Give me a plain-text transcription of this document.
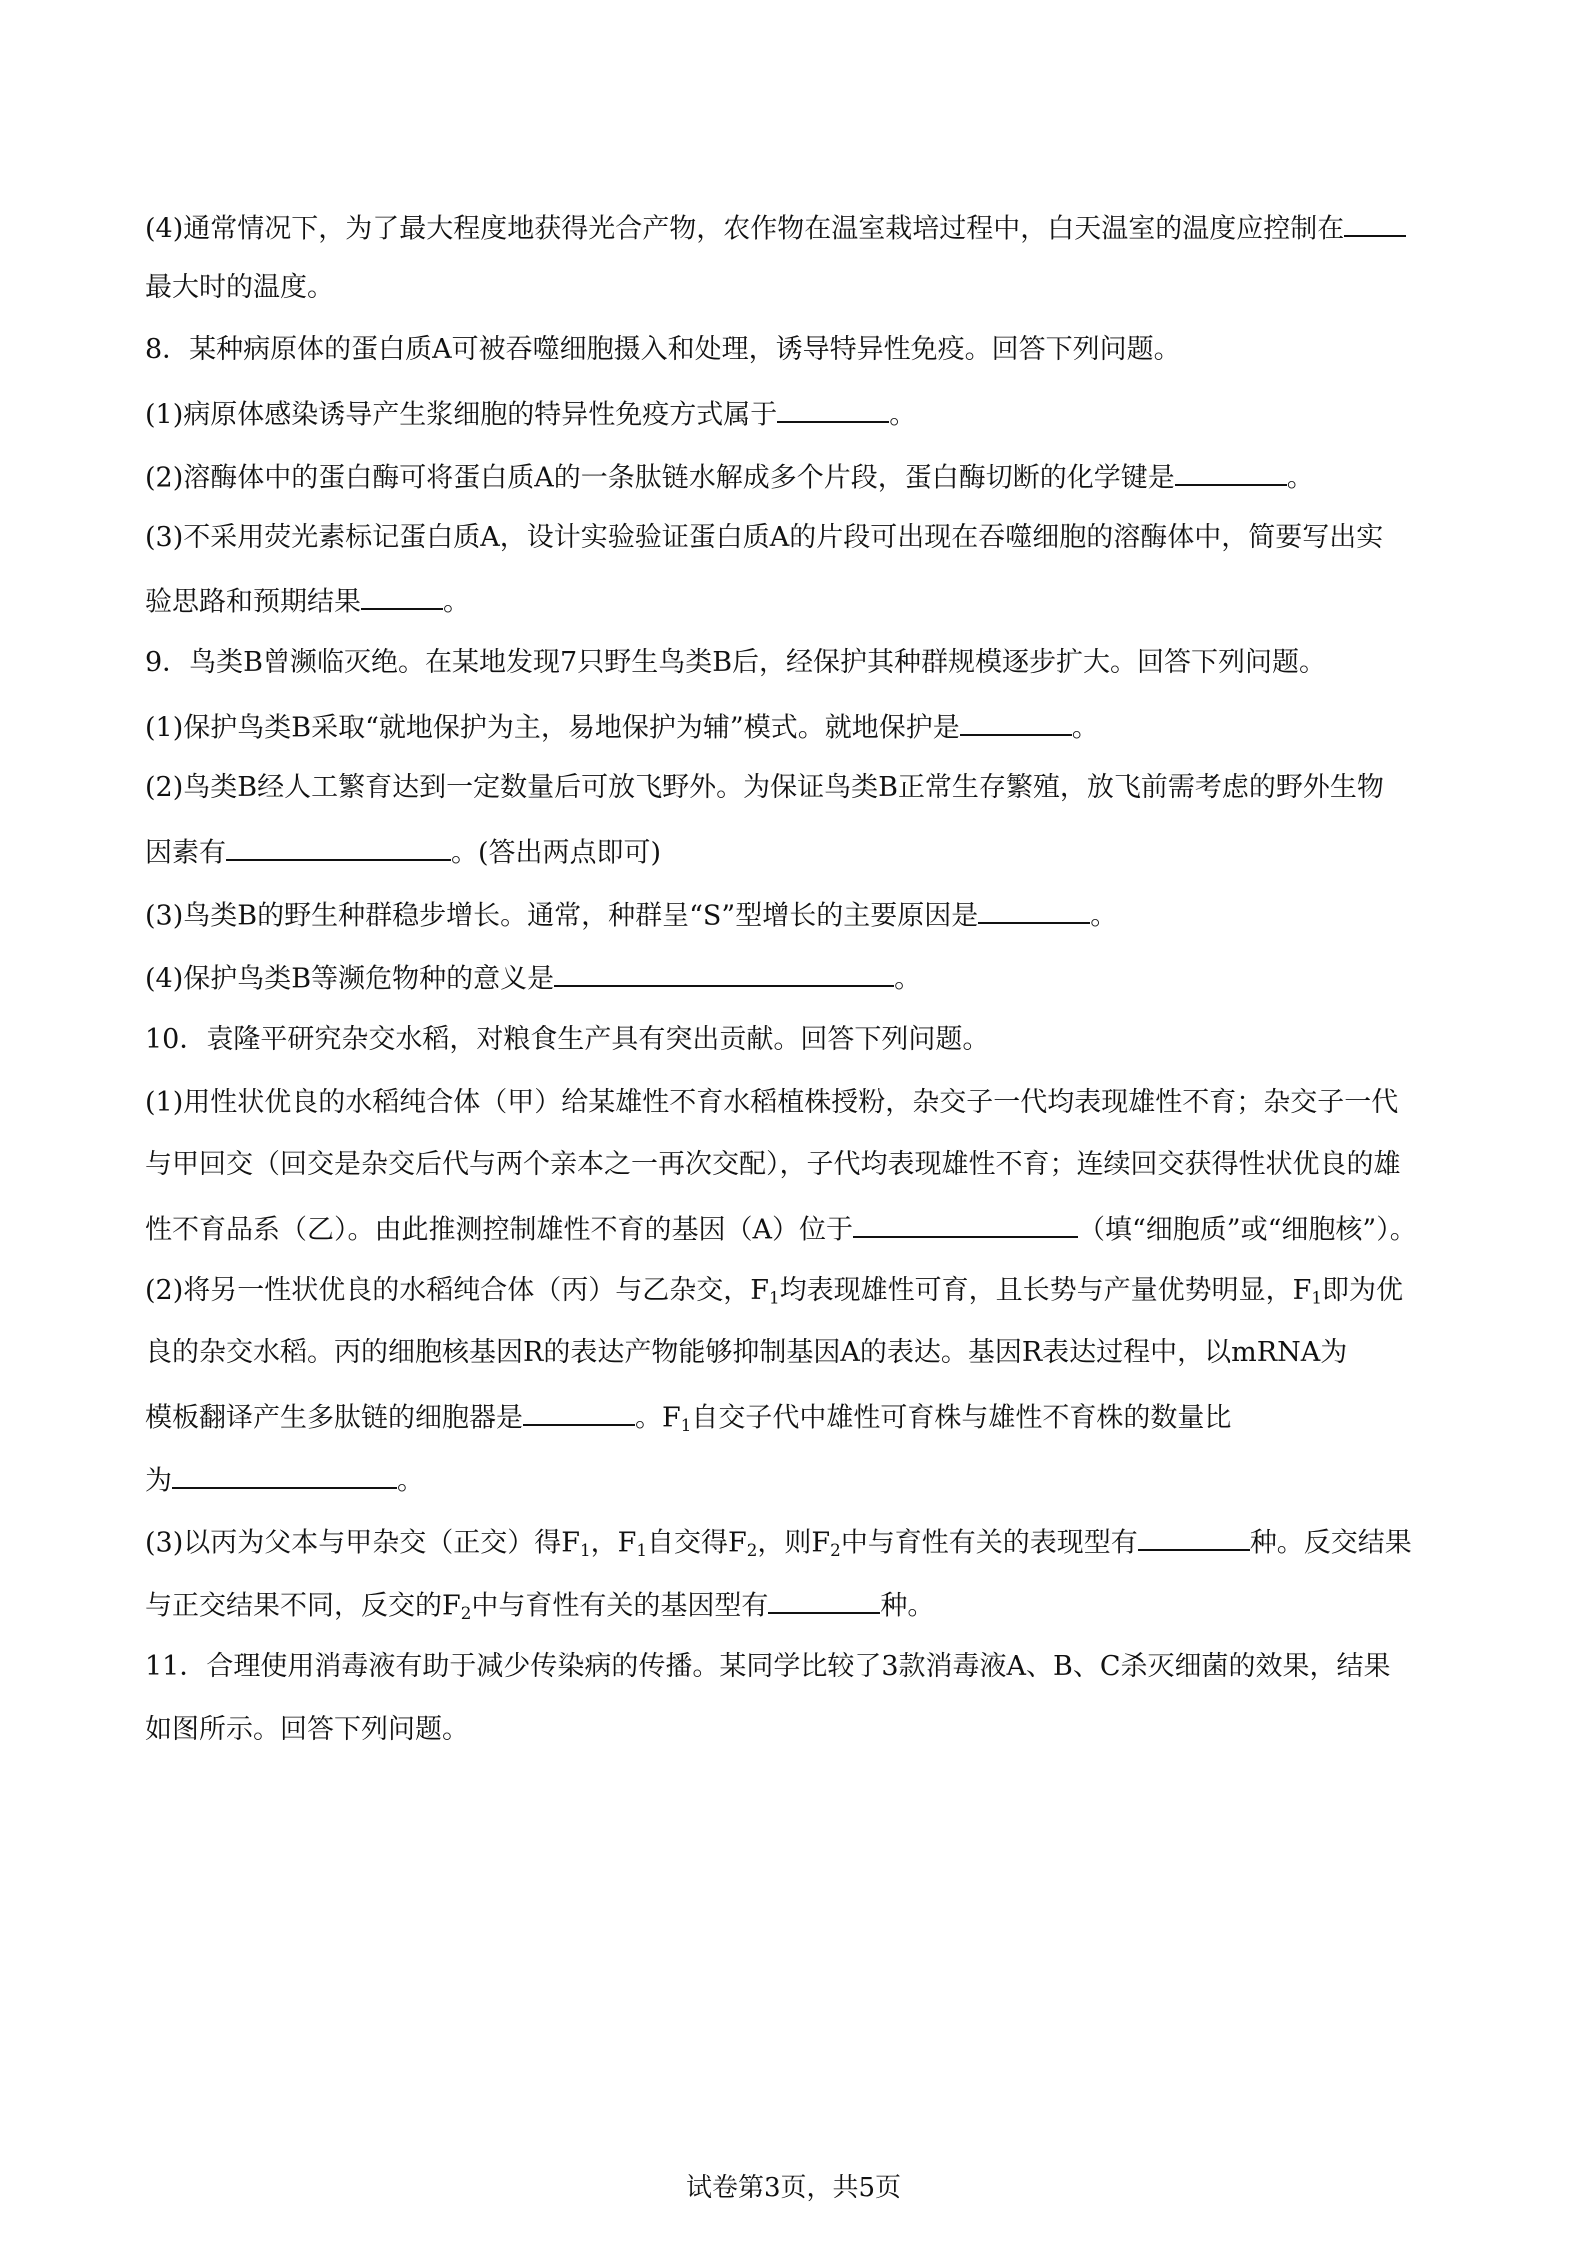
(4)通常情况下，为了最大程度地获得光合产物，农作物在温室栽培过程中，白天温室的温度应控制在
最大时的温度。
8．某种病原体的蛋白质A可被吞噬细胞摄入和处理，诱导特异性免疫。回答下列问题。
(1)病原体感染诱导产生浆细胞的特异性免疫方式属于	。
(2)溶酶体中的蛋白酶可将蛋白质A的一条肽链水解成多个片段，蛋白酶切断的化学键是	。
(3)不采用荧光素标记蛋白质A，设计实验验证蛋白质A的片段可出现在吞噬细胞的溶酶体中，简要写出实
验思路和预期结果	。
9．鸟类B曾濒临灭绝。在某地发现7只野生鸟类B后，经保护其种群规模逐步扩大。回答下列问题。
(1)保护鸟类B采取“就地保护为主，易地保护为辅”模式。就地保护是	。
(2)鸟类B经人工繁育达到一定数量后可放飞野外。为保证鸟类B正常生存繁殖，放飞前需考虑的野外生物
因素有	。(答出两点即可)
(3)鸟类B的野生种群稳步增长。通常，种群呈“S”型增长的主要原因是	。
(4)保护鸟类B等濒危物种的意义是	。
10．袁隆平研究杂交水稻，对粮食生产具有突出贡献。回答下列问题。
(1)用性状优良的水稻纯合体（甲）给某雄性不育水稻植株授粉，杂交子一代均表现雄性不育；杂交子一代
与甲回交（回交是杂交后代与两个亲本之一再次交配），子代均表现雄性不育；连续回交获得性状优良的雄
性不育品系（乙）。由此推测控制雄性不育的基因（A）位于	（填“细胞质”或“细胞核”）。
(2)将另一性状优良的水稻纯合体（丙）与乙杂交，$F_1$均表现雄性可育，且长势与产量优势明显，$F_1$即为优
良的杂交水稻。丙的细胞核基因R的表达产物能够抑制基因A的表达。基因R表达过程中，以mRNA为
模板翻译产生多肽链的细胞器是	。$F_1$自交子代中雄性可育株与雄性不育株的数量比
为	。
(3)以丙为父本与甲杂交（正交）得$F_1$，$F_1$自交得$F_2$，则$F_2$中与育性有关的表现型有	种。反交结果
与正交结果不同，反交的$F_2$中与育性有关的基因型有	种。
11．合理使用消毒液有助于减少传染病的传播。某同学比较了3款消毒液A、B、C杀灭细菌的效果，结果
如图所示。回答下列问题。
试卷第3页，共5页
